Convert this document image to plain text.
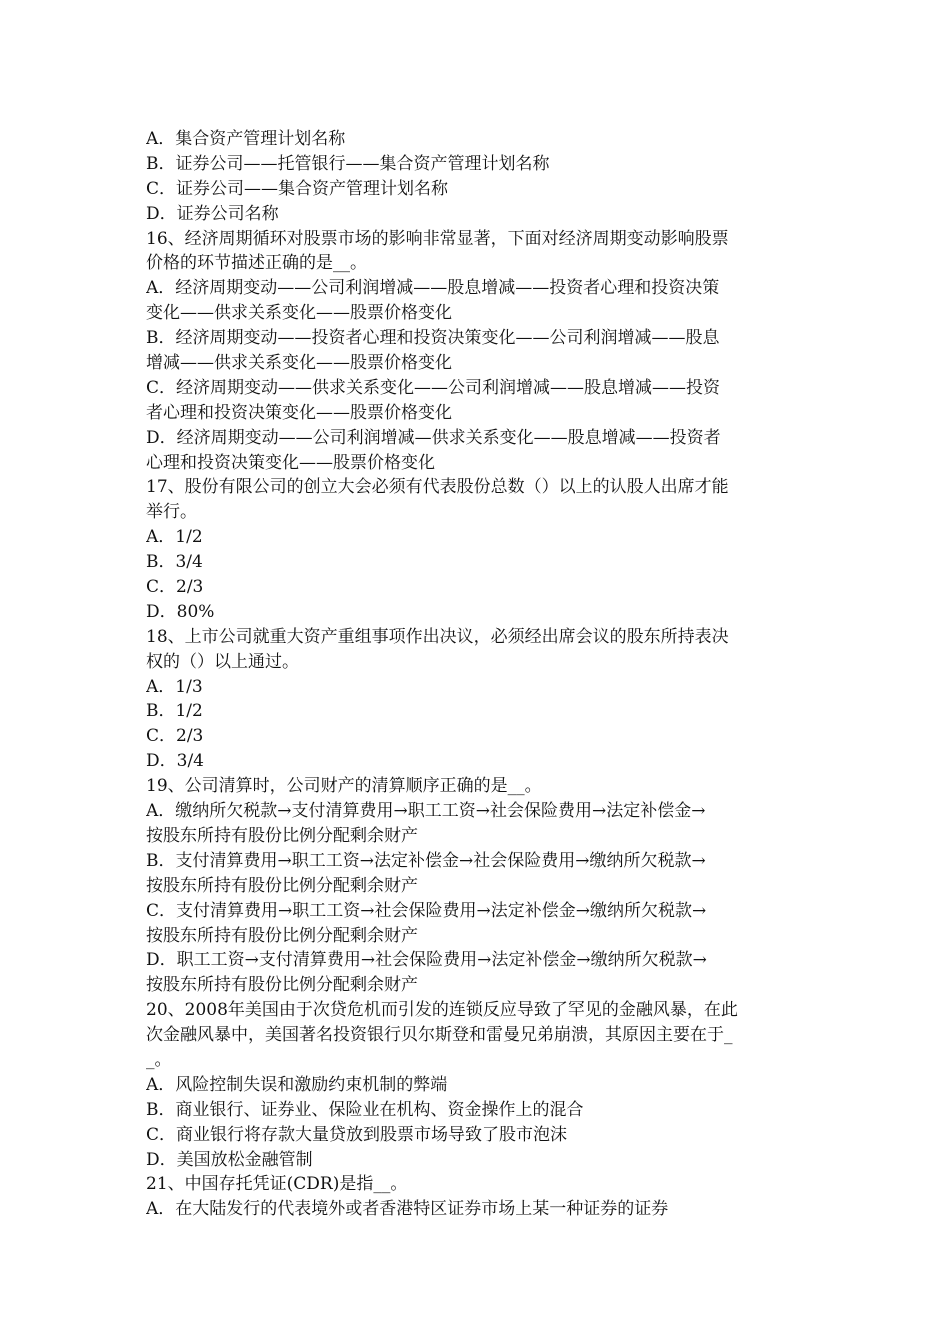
A．集合资产管理计划名称
B．证券公司——托管银行——集合资产管理计划名称
C．证券公司——集合资产管理计划名称
D．证券公司名称
16、经济周期循环对股票市场的影响非常显著，下面对经济周期变动影响股票
价格的环节描述正确的是__。
A．经济周期变动——公司利润增减——股息增减——投资者心理和投资决策
变化——供求关系变化——股票价格变化
B．经济周期变动——投资者心理和投资决策变化——公司利润增减——股息
增减——供求关系变化——股票价格变化
C．经济周期变动——供求关系变化——公司利润增减——股息增减——投资
者心理和投资决策变化——股票价格变化
D．经济周期变动——公司利润增减—供求关系变化——股息增减——投资者
心理和投资决策变化——股票价格变化
17、股份有限公司的创立大会必须有代表股份总数（）以上的认股人出席才能
举行。
A．1/2
B．3/4
C．2/3
D．80%
18、上市公司就重大资产重组事项作出决议，必须经出席会议的股东所持表决
权的（）以上通过。
A．1/3
B．1/2
C．2/3
D．3/4
19、公司清算时，公司财产的清算顺序正确的是__。
A．缴纳所欠税款→支付清算费用→职工工资→社会保险费用→法定补偿金→
按股东所持有股份比例分配剩余财产
B．支付清算费用→职工工资→法定补偿金→社会保险费用→缴纳所欠税款→
按股东所持有股份比例分配剩余财产
C．支付清算费用→职工工资→社会保险费用→法定补偿金→缴纳所欠税款→
按股东所持有股份比例分配剩余财产
D．职工工资→支付清算费用→社会保险费用→法定补偿金→缴纳所欠税款→
按股东所持有股份比例分配剩余财产
20、2008年美国由于次贷危机而引发的连锁反应导致了罕见的金融风暴，在此
次金融风暴中，美国著名投资银行贝尔斯登和雷曼兄弟崩溃，其原因主要在于_
_。
A．风险控制失误和激励约束机制的弊端
B．商业银行、证券业、保险业在机构、资金操作上的混合
C．商业银行将存款大量贷放到股票市场导致了股市泡沫
D．美国放松金融管制
21、中国存托凭证(CDR)是指__。
A．在大陆发行的代表境外或者香港特区证券市场上某一种证券的证券
